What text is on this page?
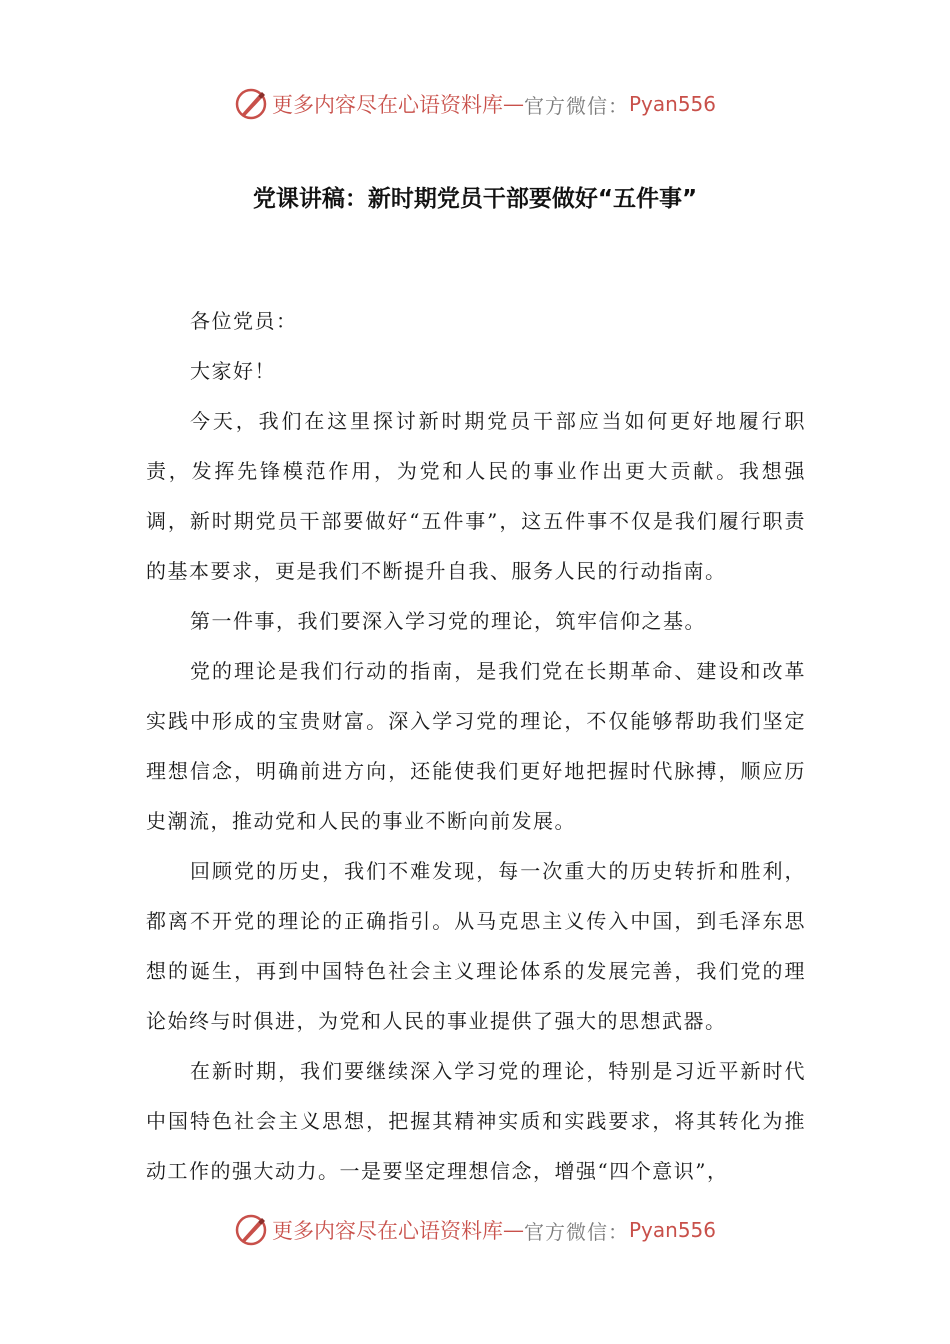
更多内容尽在心语资料库 — 官方微信： Pyan556
党课讲稿：新时期党员干部要做好“五件事”

各位党员：

大家好！

今天，我们在这里探讨新时期党员干部应当如何更好地履行职责，发挥先锋模范作用，为党和人民的事业作出更大贡献。我想强调，新时期党员干部要做好“五件事”，这五件事不仅是我们履行职责的基本要求，更是我们不断提升自我、服务人民的行动指南。

第一件事，我们要深入学习党的理论，筑牢信仰之基。

党的理论是我们行动的指南，是我们党在长期革命、建设和改革实践中形成的宝贵财富。深入学习党的理论，不仅能够帮助我们坚定理想信念，明确前进方向，还能使我们更好地把握时代脉搏，顺应历史潮流，推动党和人民的事业不断向前发展。

回顾党的历史，我们不难发现，每一次重大的历史转折和胜利，都离不开党的理论的正确指引。从马克思主义传入中国，到毛泽东思想的诞生，再到中国特色社会主义理论体系的发展完善，我们党的理论始终与时俱进，为党和人民的事业提供了强大的思想武器。

在新时期，我们要继续深入学习党的理论，特别是习近平新时代中国特色社会主义思想，把握其精神实质和实践要求，将其转化为推动工作的强大动力。一是要坚定理想信念，增强“四个意识”，

更多内容尽在心语资料库 — 官方微信： Pyan556
